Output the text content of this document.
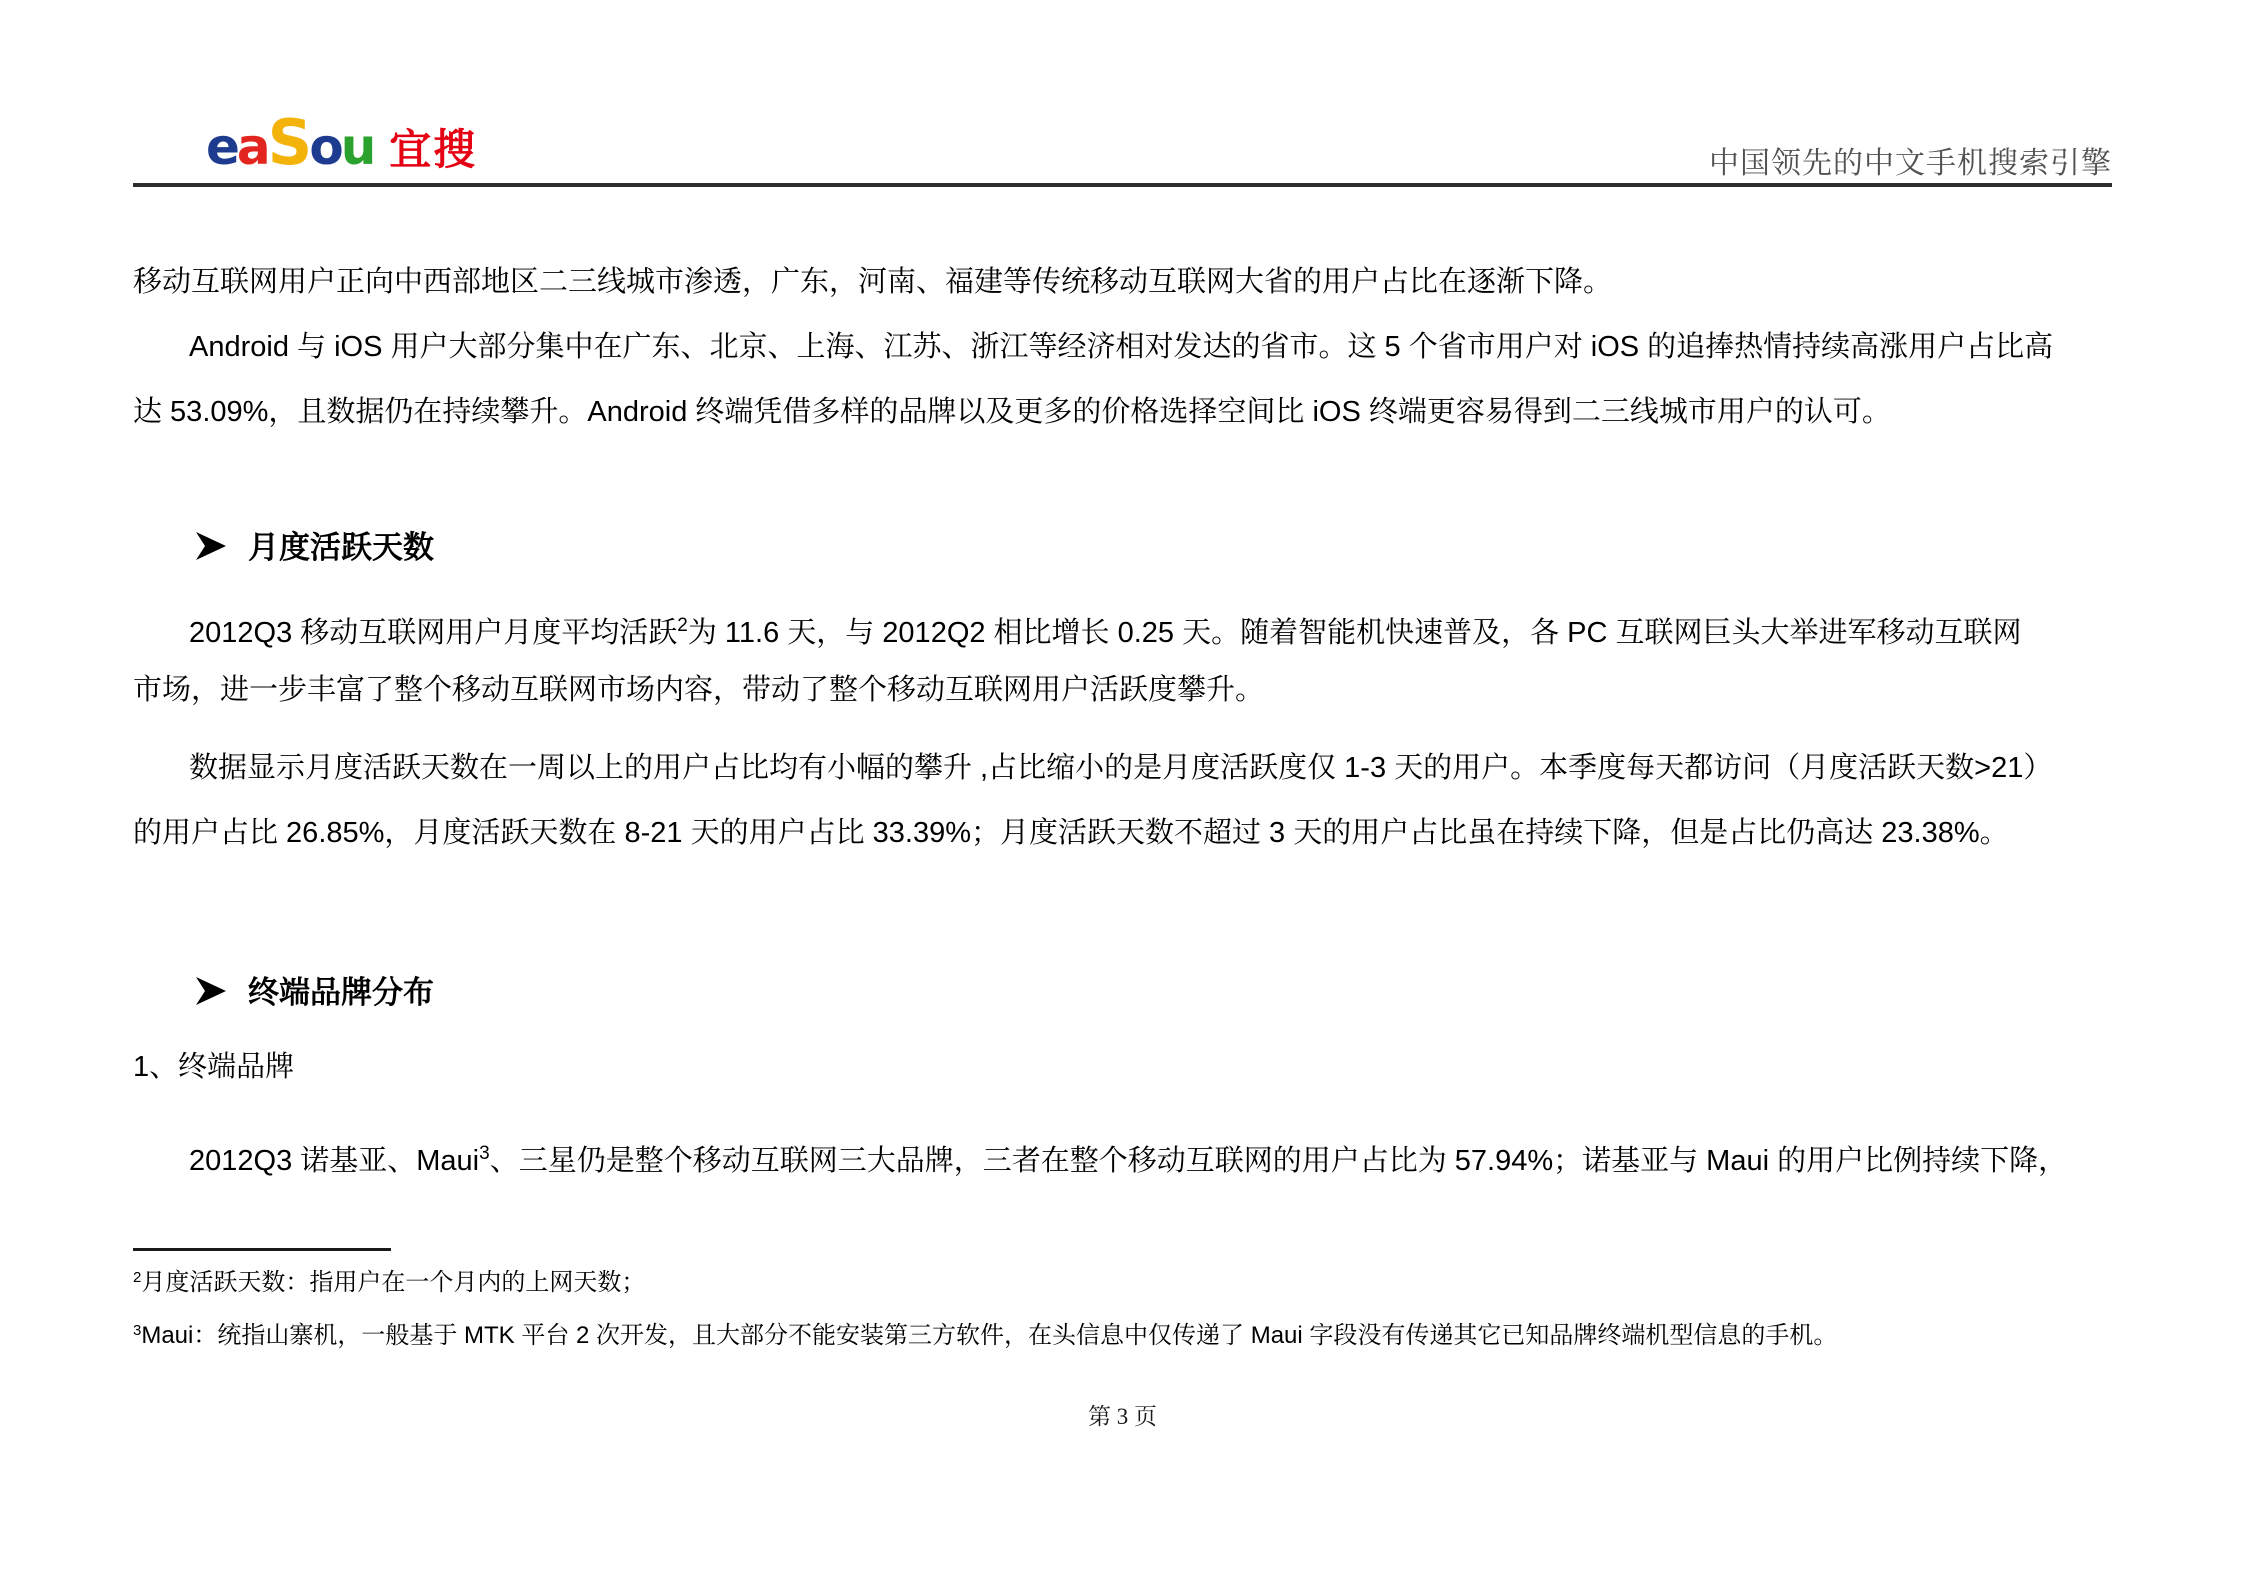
eaSou 宜搜	中国领先的中文手机搜索引擎
移动互联网用户正向中西部地区二三线城市渗透，广东，河南、福建等传统移动互联网大省的用户占比在逐渐下降。
Android 与 iOS 用户大部分集中在广东、北京、上海、江苏、浙江等经济相对发达的省市。这 5 个省市用户对 iOS 的追捧热情持续高涨用户占比高
达 53.09%，且数据仍在持续攀升。Android 终端凭借多样的品牌以及更多的价格选择空间比 iOS 终端更容易得到二三线城市用户的认可。
月度活跃天数
2012Q3 移动互联网用户月度平均活跃$^2$为 11.6 天，与 2012Q2 相比增长 0.25 天。随着智能机快速普及，各 PC 互联网巨头大举进军移动互联网
市场，进一步丰富了整个移动互联网市场内容，带动了整个移动互联网用户活跃度攀升。
数据显示月度活跃天数在一周以上的用户占比均有小幅的攀升 ,占比缩小的是月度活跃度仅 1-3 天的用户。本季度每天都访问（月度活跃天数>21）
的用户占比 26.85%，月度活跃天数在 8-21 天的用户占比 33.39%；月度活跃天数不超过 3 天的用户占比虽在持续下降，但是占比仍高达 23.38%。
终端品牌分布
1、终端品牌
2012Q3 诺基亚、Maui$^3$、三星仍是整个移动互联网三大品牌，三者在整个移动互联网的用户占比为 57.94%；诺基亚与 Maui 的用户比例持续下降，
$^2$月度活跃天数：指用户在一个月内的上网天数；
$^3$Maui：统指山寨机，一般基于 MTK 平台 2 次开发，且大部分不能安装第三方软件，在头信息中仅传递了 Maui 字段没有传递其它已知品牌终端机型信息的手机。
第 3 页
